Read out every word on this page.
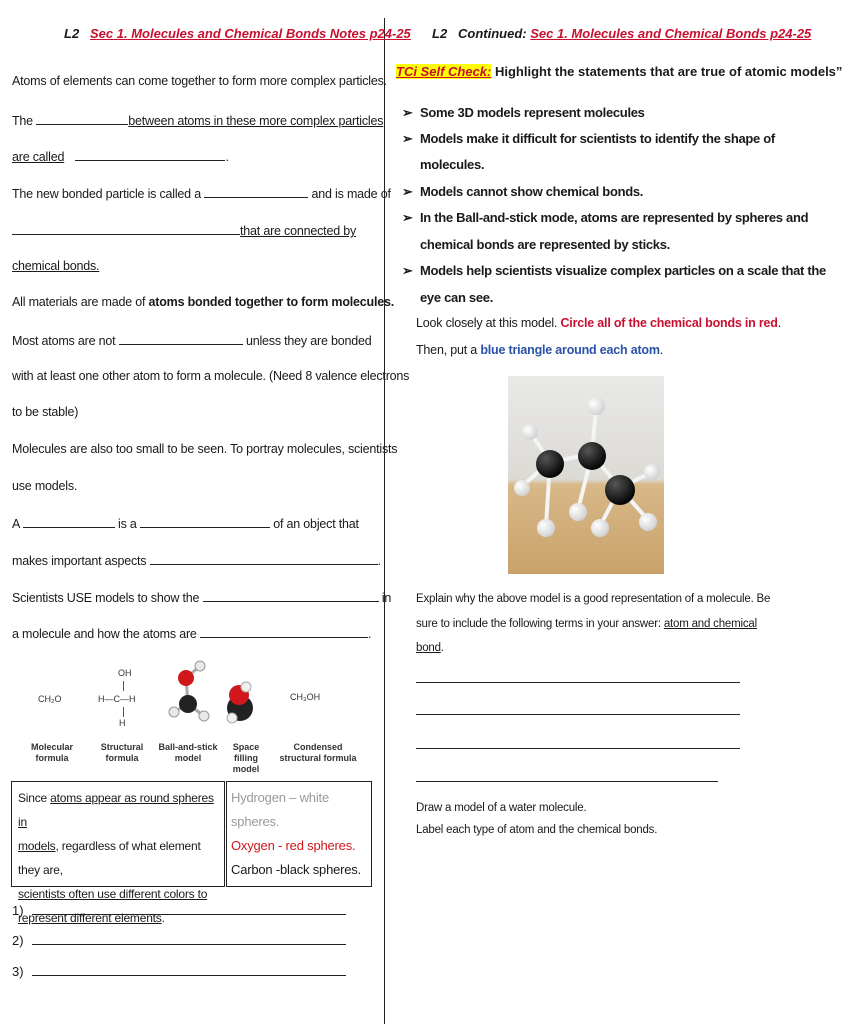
L2 Sec 1. Molecules and Chemical Bonds Notes p24-25
Atoms of elements can come together to form more complex particles.
The	between atoms in these more complex particles
are called	.
The new bonded particle is called a	and is made of
that are connected by
chemical bonds.
All materials are made of atoms bonded together to form molecules.
Most atoms are not	unless they are bonded
with at least one other atom to form a molecule. (Need 8 valence electrons
to be stable)
Molecules are also too small to be seen. To portray molecules, scientists
use models.
A	is a	of an object that
makes important aspects	.
Scientists USE models to show the	in
a molecule and how the atoms are	.
CH₂O
OH
H—C—H
H
CH₃OH
Molecular formula
Structural formula
Ball-and-stick model
Space filling model
Condensed structural formula
Since atoms appear as round spheres in
models, regardless of what element they are,
scientists often use different colors to
represent different elements.
Hydrogen – white spheres.
Oxygen - red spheres.
Carbon -black spheres.
1)
2)
3)
L2 Continued: Sec 1. Molecules and Chemical Bonds p24-25
TCi Self Check: Highlight the statements that are true of atomic models”
➢ Some 3D models represent molecules
➢ Models make it difficult for scientists to identify the shape of
molecules.
➢ Models cannot show chemical bonds.
➢ In the Ball-and-stick mode, atoms are represented by spheres and
chemical bonds are represented by sticks.
➢ Models help scientists visualize complex particles on a scale that the
eye can see.
Look closely at this model. Circle all of the chemical bonds in red.
Then, put a blue triangle around each atom.
Explain why the above model is a good representation of a molecule. Be
sure to include the following terms in your answer: atom and chemical
bond.
Draw a model of a water molecule.
Label each type of atom and the chemical bonds.
